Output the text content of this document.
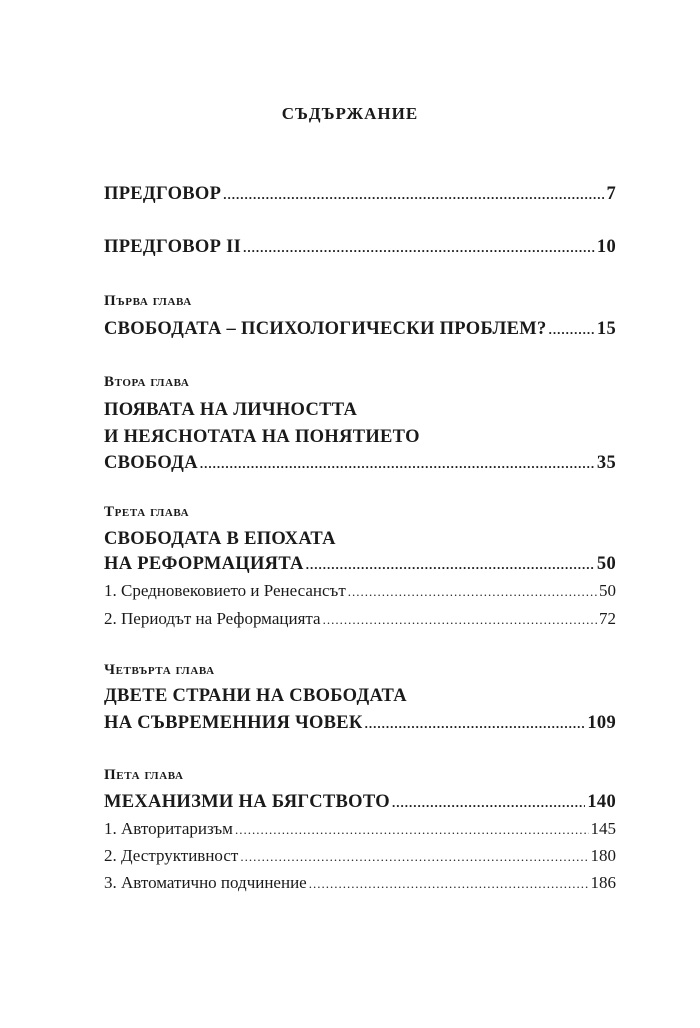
СЪДЪРЖАНИЕ
ПРЕДГОВОР .....	7
ПРЕДГОВОР II .....	10
Първа глава
СВОБОДАТА – ПСИХОЛОГИЧЕСКИ ПРОБЛЕМ? .....	15
Втора глава
ПОЯВАТА НА ЛИЧНОСТТА
И НЕЯСНОТАТА НА ПОНЯТИЕТО
СВОБОДА .....	35
Трета глава
СВОБОДАТА В ЕПОХАТА
НА РЕФОРМАЦИЯТА .....	50
1. Средновековието и Ренесансът .....	50
2. Периодът на Реформацията .....	72
Четвърта глава
ДВЕТЕ СТРАНИ НА СВОБОДАТА
НА СЪВРЕМЕННИЯ ЧОВЕК .....	109
Пета глава
МЕХАНИЗМИ НА БЯГСТВОТО .....	140
1. Авторитаризъм .....	145
2. Деструктивност .....	180
3. Автоматично подчинение .....	186
